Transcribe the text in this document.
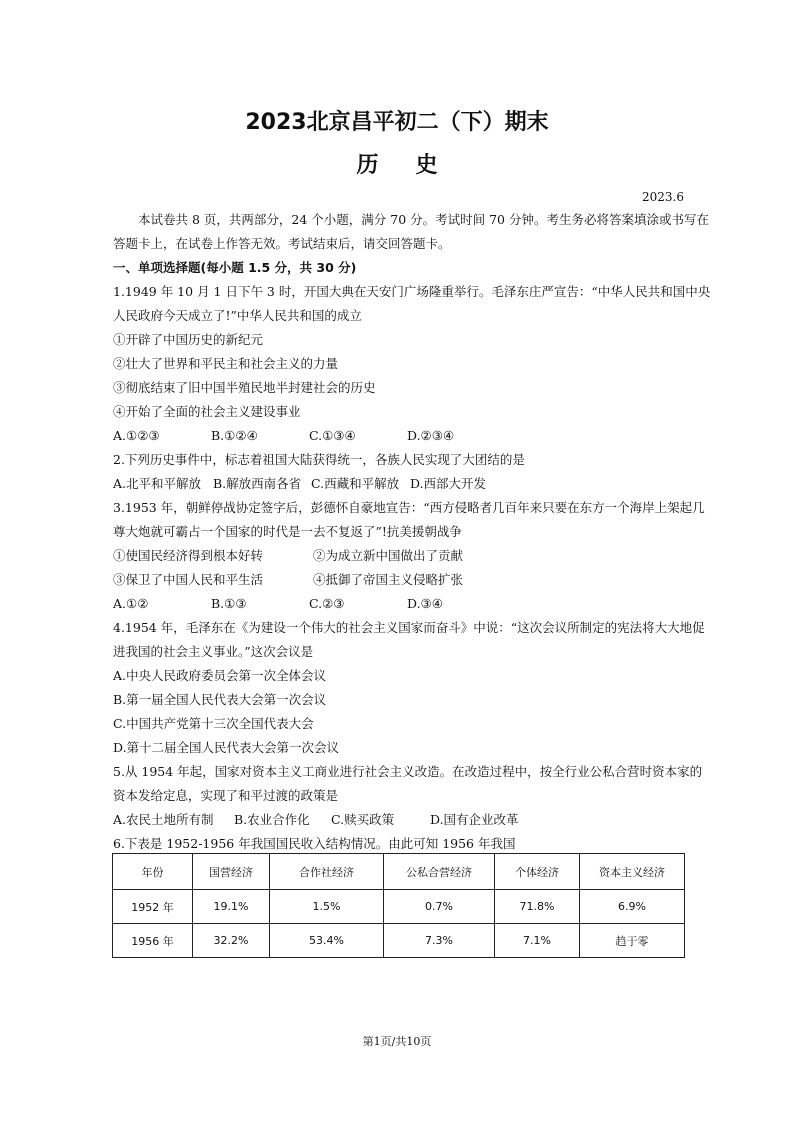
2023北京昌平初二（下）期末
历 史
2023.6

本试卷共 8 页，共两部分，24 个小题，满分 70 分。考试时间 70 分钟。考生务必将答案填涂或书写在

答题卡上，在试卷上作答无效。考试结束后，请交回答题卡。

一、单项选择题(每小题 1.5 分，共 30 分)

1.1949 年 10 月 1 日下午 3 时，开国大典在天安门广场隆重举行。毛泽东庄严宣告：“中华人民共和国中央

人民政府今天成立了!”中华人民共和国的成立

①开辟了中国历史的新纪元

②壮大了世界和平民主和社会主义的力量

③彻底结束了旧中国半殖民地半封建社会的历史

④开始了全面的社会主义建设事业

A.①②③	B.①②④	C.①③④	D.②③④

2.下列历史事件中，标志着祖国大陆获得统一，各族人民实现了大团结的是

A.北平和平解放 B.解放西南各省 C.西藏和平解放 D.西部大开发

3.1953 年，朝鲜停战协定签字后，彭德怀自豪地宣告：“西方侵略者几百年来只要在东方一个海岸上架起几

尊大炮就可霸占一个国家的时代是一去不复返了”!抗美援朝战争

①使国民经济得到根本好转	②为成立新中国做出了贡献
③保卫了中国人民和平生活	④抵御了帝国主义侵略扩张
A.①②	B.①③	C.②③	D.③④

4.1954 年，毛泽东在《为建设一个伟大的社会主义国家而奋斗》中说：“这次会议所制定的宪法将大大地促

进我国的社会主义事业。”这次会议是

A.中央人民政府委员会第一次全体会议

B.第一届全国人民代表大会第一次会议

C.中国共产党第十三次全国代表大会

D.第十二届全国人民代表大会第一次会议

5.从 1954 年起，国家对资本主义工商业进行社会主义改造。在改造过程中，按全行业公私合营时资本家的

资本发给定息，实现了和平过渡的政策是

A.农民土地所有制	B.农业合作化	C.赎买政策	D.国有企业改革

6.下表是 1952-1956 年我国国民收入结构情况。由此可知 1956 年我国

年份	国营经济	合作社经济	公私合营经济	个体经济	资本主义经济
1952 年	19.1%	1.5%	0.7%	71.8%	6.9%
1956 年	32.2%	53.4%	7.3%	7.1%	趋于零
第1页/共10页
